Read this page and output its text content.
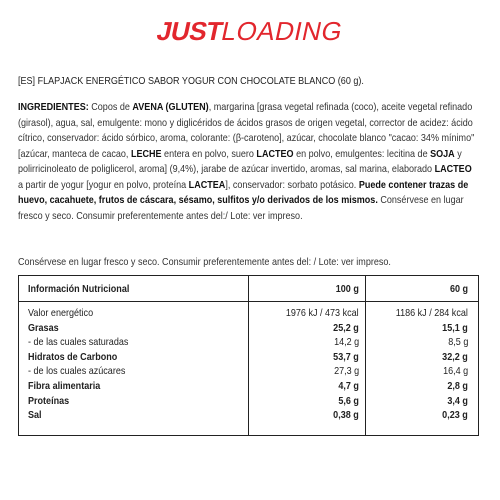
JUSTLOADING
[ES] FLAPJACK ENERGÉTICO SABOR YOGUR CON CHOCOLATE BLANCO (60 g).
INGREDIENTES: Copos de AVENA (GLUTEN), margarina [grasa vegetal refinada (coco), aceite vegetal refinado (girasol), agua, sal, emulgente: mono y diglicéridos de ácidos grasos de origen vegetal, corrector de acidez: ácido cítrico, conservador: ácido sórbico, aroma, colorante: (β-caroteno], azúcar, chocolate blanco "cacao: 34% mínimo" [azúcar, manteca de cacao, LECHE entera en polvo, suero LACTEO en polvo, emulgentes: lecitina de SOJA y polirricinoleato de poliglicerol, aroma] (9,4%), jarabe de azúcar invertido, aromas, sal marina, elaborado LACTEO a partir de yogur [yogur en polvo, proteína LACTEA], conservador: sorbato potásico. Puede contener trazas de huevo, cacahuete, frutos de cáscara, sésamo, sulfitos y/o derivados de los mismos. Consérvese en lugar fresco y seco. Consumir preferentemente antes del:/ Lote: ver impreso.
Consérvese en lugar fresco y seco. Consumir preferentemente antes del: / Lote: ver impreso.
Información Nutricional	100 g	60 g
Valor energético	1976 kJ / 473 kcal	1186 kJ / 284 kcal
Grasas	25,2 g	15,1 g
- de las cuales saturadas	14,2 g	8,5 g
Hidratos de Carbono	53,7 g	32,2 g
- de los cuales azúcares	27,3 g	16,4 g
Fibra alimentaria	4,7 g	2,8 g
Proteínas	5,6 g	3,4 g
Sal	0,38 g	0,23 g
